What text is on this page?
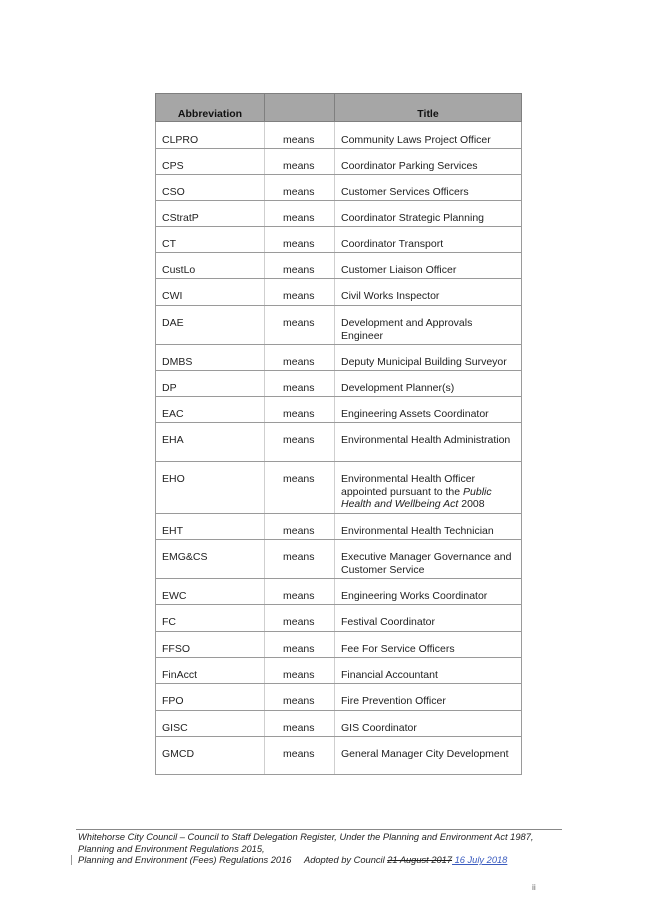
Abbreviation		Title
CLPRO	means	Community Laws Project Officer
CPS	means	Coordinator Parking Services
CSO	means	Customer Services Officers
CStratP	means	Coordinator Strategic Planning
CT	means	Coordinator Transport
CustLo	means	Customer Liaison Officer
CWI	means	Civil Works Inspector
DAE	means	Development and Approvals Engineer
DMBS	means	Deputy Municipal Building Surveyor
DP	means	Development Planner(s)
EAC	means	Engineering Assets Coordinator
EHA	means	Environmental Health Administration
EHO	means	Environmental Health Officer appointed pursuant to the Public Health and Wellbeing Act 2008
EHT	means	Environmental Health Technician
EMG&CS	means	Executive Manager Governance and Customer Service
EWC	means	Engineering Works Coordinator
FC	means	Festival Coordinator
FFSO	means	Fee For Service Officers
FinAcct	means	Financial Accountant
FPO	means	Fire Prevention Officer
GISC	means	GIS Coordinator
GMCD	means	General Manager City Development
Whitehorse City Council – Council to Staff Delegation Register, Under the Planning and Environment Act 1987, Planning and Environment Regulations 2015,
Planning and Environment (Fees) Regulations 2016     Adopted by Council 21 August 2017 16 July 2018
ii
